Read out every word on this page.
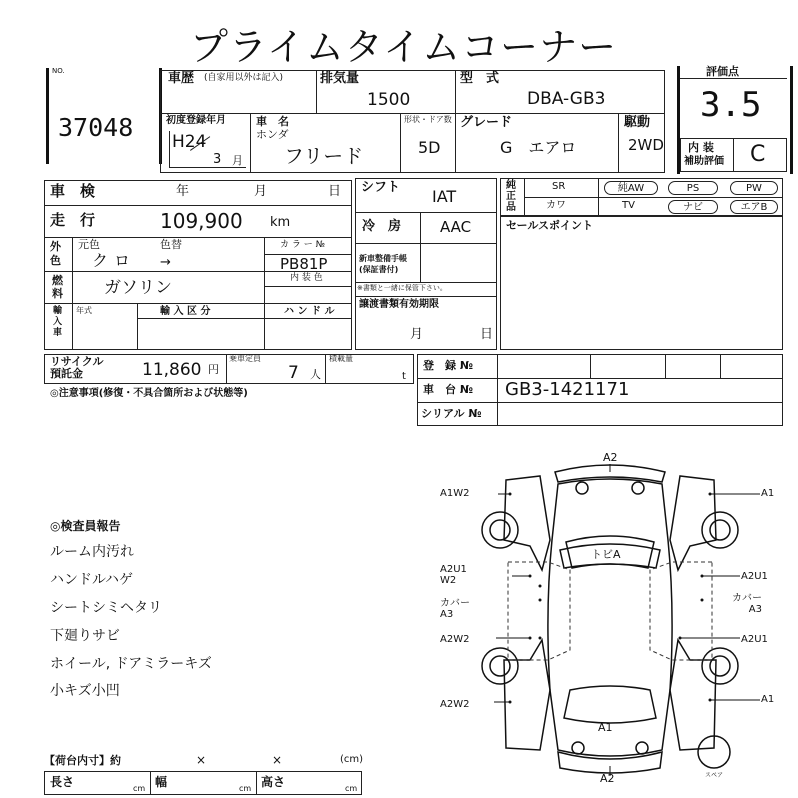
プライムタイムコーナー
NO.
37048
車歴 (自家用以外は記入)	排気量
1500
型　式
DBA-GB3
初度登録年月
H24
3 月
車　名
ホンダ
フリード
形状・ドア数
5D
グレード
G　エアロ
駆動
2WD
評価点
3.5
内 装
補助評価 C
車　検	年	月	日
走　行	109,900 km
外色
元色	色替
クロ →
カ ラ ー №
PB81P
内 装 色
燃料 ガソリン
輸入車
年式	輸 入 区 分	ハ ン ド ル
リサイクル
預託金	11,860 円
乗車定員
7 人
積載量
t
◎注意事項(修復・不具合箇所および状態等)
シフト IAT
冷　房	AAC
新車整備手帳
(保証書付)
※書類と一緒に保管下さい。
譲渡書類有効期限
月	日
純正品
SR	純AW	PS	PW
カワ	TV	ナビ	エアB
セールスポイント
登　録 №
車　台 № GB3-1421171
シリアル №
◎検査員報告
ルーム内汚れ
ハンドルハゲ
シートシミヘタリ
下廻りサビ
ホイール, ドアミラーキズ
小キズ小凹
【荷台内寸】約	×	×	(cm)
長さ	cm 幅	cm 高さ	cm
A2
トビA
A1
A2
A1W2
A2U1
W2
カバー
A3
A2W2
A2W2
A1
A2U1
カバー
A3
A2U1
A1
スペア
